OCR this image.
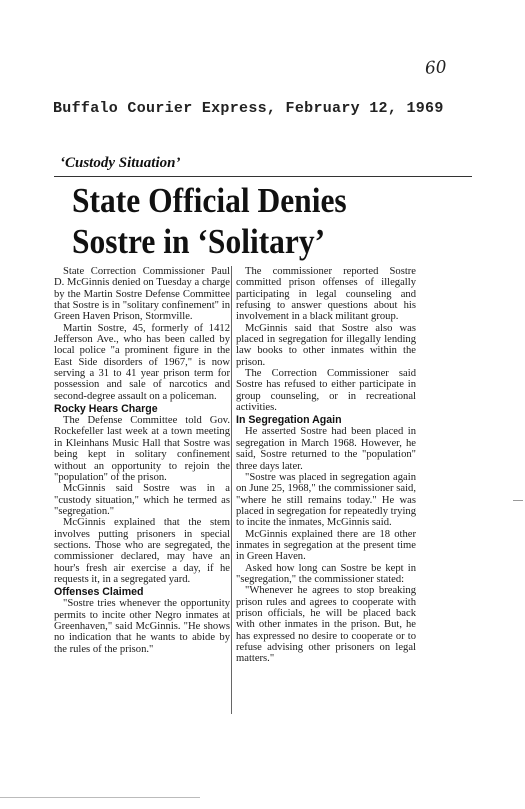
60
Buffalo Courier Express, February 12, 1969
‘Custody Situation’
State Official Denies
Sostre in ‘Solitary’

State Correction Commissioner Paul D. McGinnis denied on Tuesday a charge by the Martin Sostre Defense Committee that Sostre is in "solitary confinement" in Green Haven Prison, Stormville.

Martin Sostre, 45, formerly of 1412 Jefferson Ave., who has been called by local police "a prominent figure in the East Side disorders of 1967," is now serving a 31 to 41 year prison term for possession and sale of narcotics and second-degree assault on a policeman.

Rocky Hears Charge

The Defense Committee told Gov. Rockefeller last week at a town meeting in Kleinhans Music Hall that Sostre was being kept in solitary confinement without an opportunity to rejoin the "population" of the prison.

McGinnis said Sostre was in a "custody situation," which he termed as "segregation."

McGinnis explained that the stem involves putting prisoners in special sections. Those who are segregated, the commissioner declared, may have an hour's fresh air exercise a day, if he requests it, in a segregated yard.

Offenses Claimed

"Sostre tries whenever the opportunity permits to incite other Negro inmates at Greenhaven," said McGinnis. "He shows no indication that he wants to abide by the rules of the prison."

The commissioner reported Sostre committed prison offenses of illegally participating in legal counseling and refusing to answer questions about his involvement in a black militant group.

McGinnis said that Sostre also was placed in segregation for illegally lending law books to other inmates within the prison.

The Correction Commissioner said Sostre has refused to either participate in group counseling, or in recreational activities.

In Segregation Again

He asserted Sostre had been placed in segregation in March 1968. However, he said, Sostre returned to the "population" three days later.

"Sostre was placed in segregation again on June 25, 1968," the commissioner said, "where he still remains today." He was placed in segregation for repeatedly trying to incite the inmates, McGinnis said.

McGinnis explained there are 18 other inmates in segregation at the present time in Green Haven.

Asked how long can Sostre be kept in "segregation," the commissioner stated:

"Whenever he agrees to stop breaking prison rules and agrees to cooperate with prison officials, he will be placed back with other inmates in the prison. But, he has expressed no desire to cooperate or to refuse advising other prisoners on legal matters."
